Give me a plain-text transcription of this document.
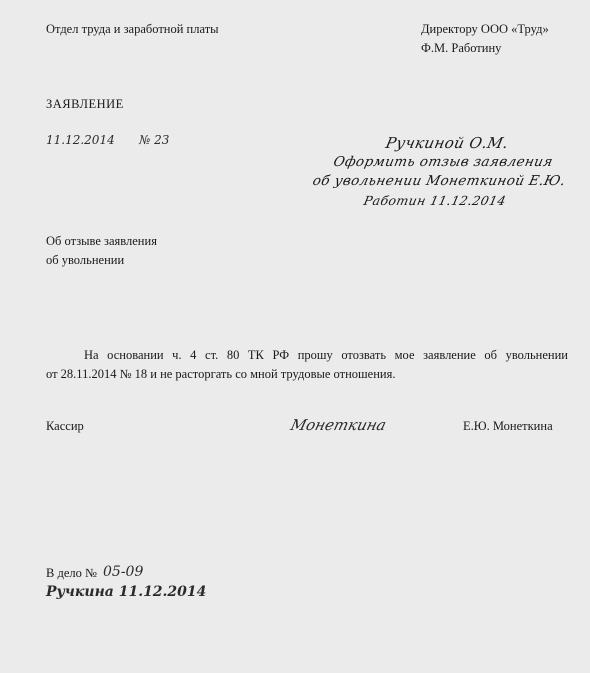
Отдел труда и заработной платы	Директору ООО «Труд»
Ф.М. Работину
ЗАЯВЛЕНИЕ
11.12.2014 № 23	Ручкиной О.М.
Оформить отзыв заявления
об увольнении Монеткиной Е.Ю.
Работин 11.12.2014
Об отзыве заявления
об увольнении
На основании ч. 4 ст. 80 ТК РФ прошу отозвать мое заявление об увольнении
от 28.11.2014 № 18 и не расторгать со мной трудовые отношения.
Кассир	Монеткина	Е.Ю. Монеткина
В дело № 05-09
Ручкина 11.12.2014
